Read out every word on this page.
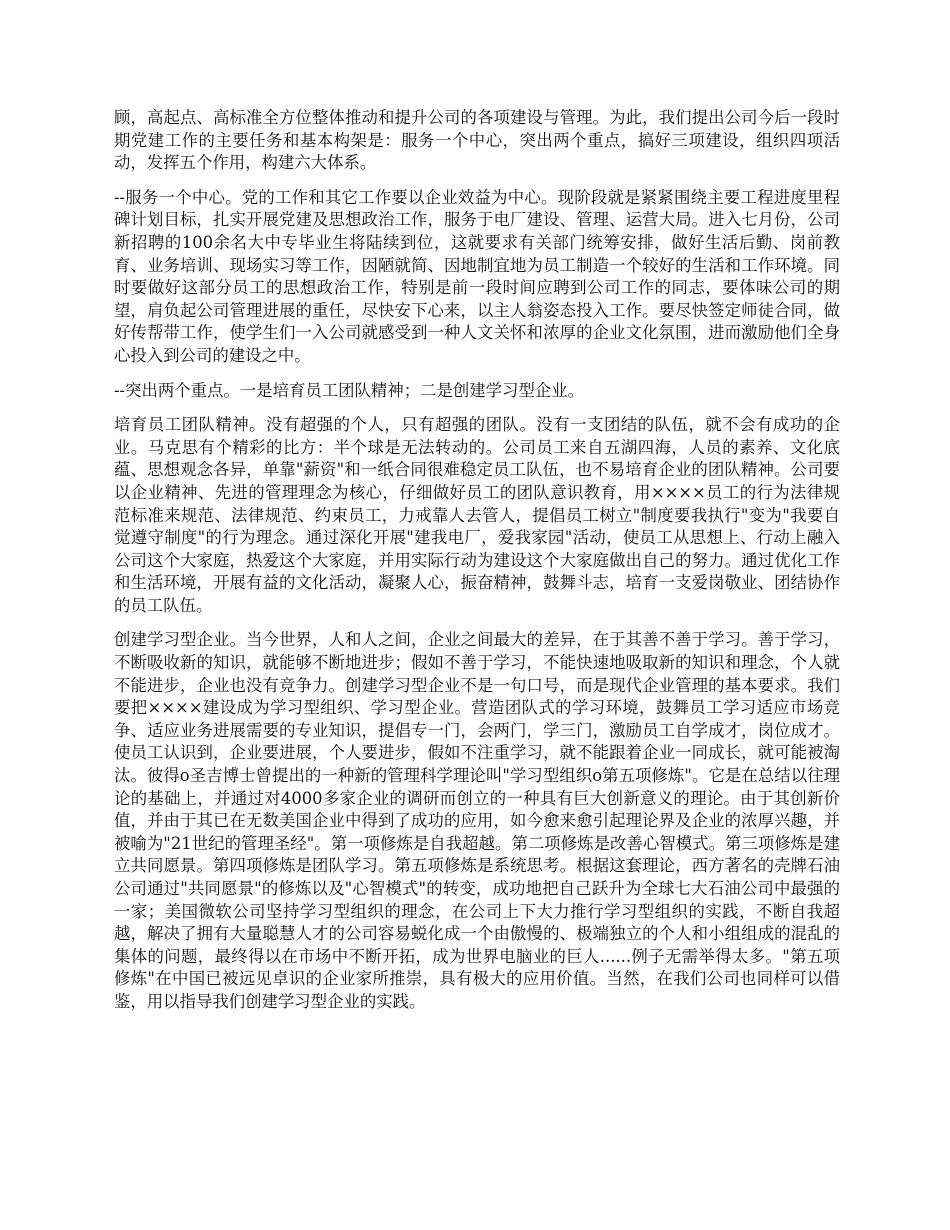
顾，高起点、高标准全方位整体推动和提升公司的各项建设与管理。为此，我们提出公司今后一段时期党建工作的主要任务和基本构架是：服务一个中心，突出两个重点，搞好三项建设，组织四项活动，发挥五个作用，构建六大体系。

--服务一个中心。党的工作和其它工作要以企业效益为中心。现阶段就是紧紧围绕主要工程进度里程碑计划目标，扎实开展党建及思想政治工作，服务于电厂建设、管理、运营大局。进入七月份，公司新招聘的100余名大中专毕业生将陆续到位，这就要求有关部门统筹安排，做好生活后勤、岗前教育、业务培训、现场实习等工作，因陋就简、因地制宜地为员工制造一个较好的生活和工作环境。同时要做好这部分员工的思想政治工作，特别是前一段时间应聘到公司工作的同志，要体味公司的期望，肩负起公司管理进展的重任，尽快安下心来，以主人翁姿态投入工作。要尽快签定师徒合同，做好传帮带工作，使学生们一入公司就感受到一种人文关怀和浓厚的企业文化氛围，进而激励他们全身心投入到公司的建设之中。

--突出两个重点。一是培育员工团队精神；二是创建学习型企业。

培育员工团队精神。没有超强的个人，只有超强的团队。没有一支团结的队伍，就不会有成功的企业。马克思有个精彩的比方：半个球是无法转动的。公司员工来自五湖四海，人员的素养、文化底蕴、思想观念各异，单靠"薪资"和一纸合同很难稳定员工队伍，也不易培育企业的团队精神。公司要以企业精神、先进的管理理念为核心，仔细做好员工的团队意识教育，用××××员工的行为法律规范标准来规范、法律规范、约束员工，力戒靠人去管人，提倡员工树立"制度要我执行"变为"我要自觉遵守制度"的行为理念。通过深化开展"建我电厂，爱我家园"活动，使员工从思想上、行动上融入公司这个大家庭，热爱这个大家庭，并用实际行动为建设这个大家庭做出自己的努力。通过优化工作和生活环境，开展有益的文化活动，凝聚人心，振奋精神，鼓舞斗志，培育一支爱岗敬业、团结协作的员工队伍。

创建学习型企业。当今世界，人和人之间，企业之间最大的差异，在于其善不善于学习。善于学习，不断吸收新的知识，就能够不断地进步；假如不善于学习，不能快速地吸取新的知识和理念，个人就不能进步，企业也没有竞争力。创建学习型企业不是一句口号，而是现代企业管理的基本要求。我们要把××××建设成为学习型组织、学习型企业。营造团队式的学习环境，鼓舞员工学习适应市场竞争、适应业务进展需要的专业知识，提倡专一门，会两门，学三门，激励员工自学成才，岗位成才。使员工认识到，企业要进展，个人要进步，假如不注重学习，就不能跟着企业一同成长，就可能被淘汰。彼得ο圣吉博士曾提出的一种新的管理科学理论叫"学习型组织ο第五项修炼"。它是在总结以往理论的基础上，并通过对4000多家企业的调研而创立的一种具有巨大创新意义的理论。由于其创新价值，并由于其已在无数美国企业中得到了成功的应用，如今愈来愈引起理论界及企业的浓厚兴趣，并被喻为"21世纪的管理圣经"。第一项修炼是自我超越。第二项修炼是改善心智模式。第三项修炼是建立共同愿景。第四项修炼是团队学习。第五项修炼是系统思考。根据这套理论，西方著名的壳牌石油公司通过"共同愿景"的修炼以及"心智模式"的转变，成功地把自己跃升为全球七大石油公司中最强的一家；美国微软公司坚持学习型组织的理念，在公司上下大力推行学习型组织的实践，不断自我超越，解决了拥有大量聪慧人才的公司容易蜕化成一个由傲慢的、极端独立的个人和小组组成的混乱的集体的问题，最终得以在市场中不断开拓，成为世界电脑业的巨人......例子无需举得太多。"第五项修炼"在中国已被远见卓识的企业家所推崇，具有极大的应用价值。当然，在我们公司也同样可以借鉴，用以指导我们创建学习型企业的实践。
